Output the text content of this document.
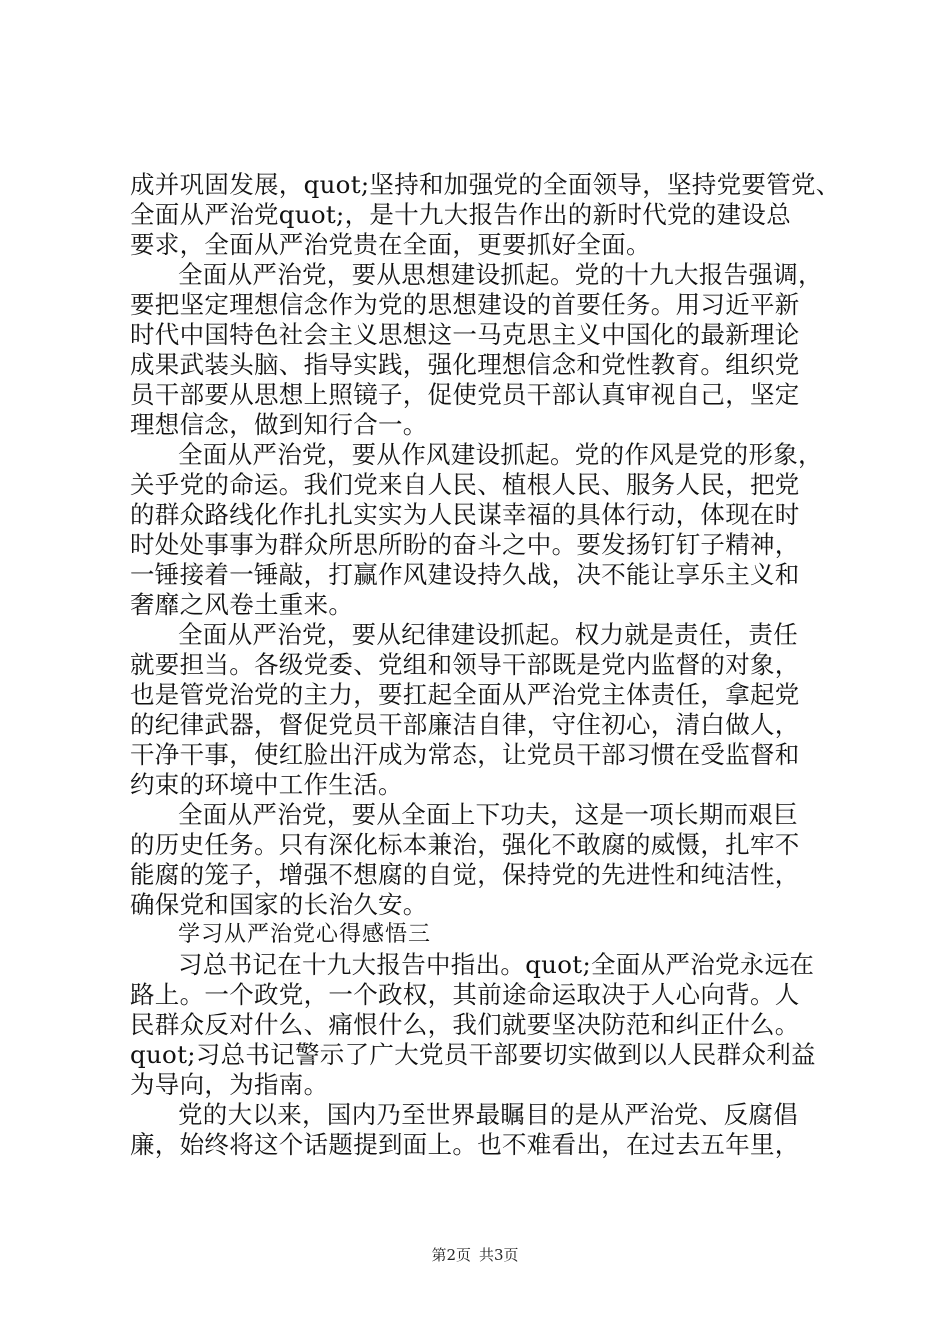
成并巩固发展，quot;坚持和加强党的全面领导，坚持党要管党、
全面从严治党quot;，是十九大报告作出的新时代党的建设总
要求，全面从严治党贵在全面，更要抓好全面。
全面从严治党，要从思想建设抓起。党的十九大报告强调，
要把坚定理想信念作为党的思想建设的首要任务。用习近平新
时代中国特色社会主义思想这一马克思主义中国化的最新理论
成果武装头脑、指导实践，强化理想信念和党性教育。组织党
员干部要从思想上照镜子，促使党员干部认真审视自己，坚定
理想信念，做到知行合一。
全面从严治党，要从作风建设抓起。党的作风是党的形象，
关乎党的命运。我们党来自人民、植根人民、服务人民，把党
的群众路线化作扎扎实实为人民谋幸福的具体行动，体现在时
时处处事事为群众所思所盼的奋斗之中。要发扬钉钉子精神，
一锤接着一锤敲，打赢作风建设持久战，决不能让享乐主义和
奢靡之风卷土重来。
全面从严治党，要从纪律建设抓起。权力就是责任，责任
就要担当。各级党委、党组和领导干部既是党内监督的对象，
也是管党治党的主力，要扛起全面从严治党主体责任，拿起党
的纪律武器，督促党员干部廉洁自律，守住初心，清白做人，
干净干事，使红脸出汗成为常态，让党员干部习惯在受监督和
约束的环境中工作生活。
全面从严治党，要从全面上下功夫，这是一项长期而艰巨
的历史任务。只有深化标本兼治，强化不敢腐的威慑，扎牢不
能腐的笼子，增强不想腐的自觉，保持党的先进性和纯洁性，
确保党和国家的长治久安。
学习从严治党心得感悟三
习总书记在十九大报告中指出。quot;全面从严治党永远在
路上。一个政党，一个政权，其前途命运取决于人心向背。人
民群众反对什么、痛恨什么，我们就要坚决防范和纠正什么。
quot;习总书记警示了广大党员干部要切实做到以人民群众利益
为导向，为指南。
党的大以来，国内乃至世界最瞩目的是从严治党、反腐倡
廉，始终将这个话题提到面上。也不难看出，在过去五年里，
第2页 共3页
